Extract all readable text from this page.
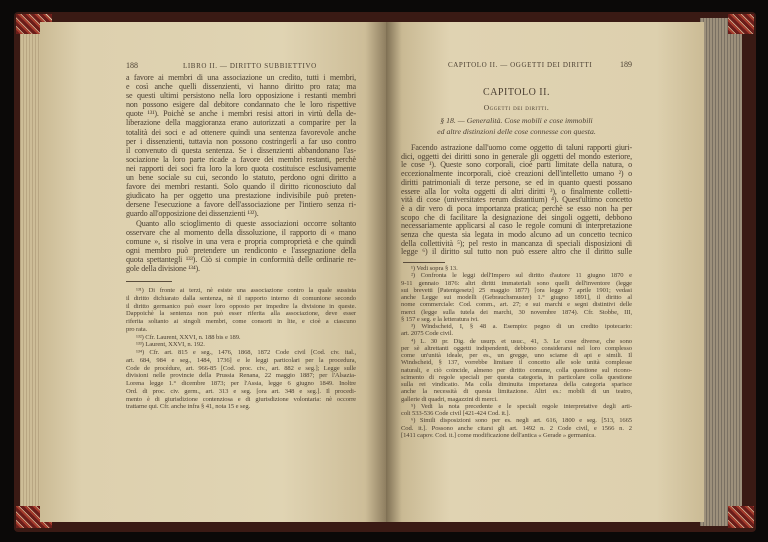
188	LIBRO II. — DIRITTO SUBBIETTIVO
a favore ai membri di una associazione un credito, tutti i membri,
e così anche quelli dissenzienti, vi hanno diritto pro rata; ma
se questi ultimi persistono nella loro opposizione i restanti membri
non possono esigere dal debitore condannato che le loro rispettive
quote ¹³¹). Poichè se anche i membri resisi attori in virtù della de-
liberazione della maggioranza erano autorizzati a comparire per la
totalità dei soci e ad ottenere quindi una sentenza favorevole anche
per i dissenzienti, tuttavia non possono costringerli a far uso contro
il convenuto di questa sentenza. Se i dissenzienti abbandonano l'as-
sociazione la loro parte ricade a favore dei membri restanti, perchè
nei rapporti dei soci fra loro la loro quota costituisce esclusivamente
un bene sociale su cui, secondo lo statuto, perdono ogni diritto a
favore dei membri restanti. Solo quando il diritto riconosciuto dal
giudicato ha per oggetto una prestazione indivisibile può preten-
dersene l'esecuzione a favore dell'associazione per l'intiero senza ri-
guardo all'opposizione dei dissenzienti ¹³²).
Quanto allo scioglimento di queste associazioni occorre soltanto
osservare che al momento della dissoluzione, il rapporto di « mano
comune », si risolve in una vera e propria comproprietà e che quindi
ogni membro può pretendere un rendiconto e l'assegnazione della
quota spettantegli ¹³³). Ciò si compie in conformità delle ordinarie re-
gole della divisione ¹³⁴).
¹³¹) Di fronte ai terzi, nè esiste una associazione contro la quale sussista
il diritto dichiarato dalla sentenza, nè il rapporto interno di comunione secondo
il diritto germanico può esser loro opposto per impedire la divisione in queste.
Dappoichè la sentenza non può esser riferita alla associazione, deve esser
riferita soltanto ai singoli membri, come consorti in lite, e cioè a ciascuno
pro rata.
¹³²) Cfr. Laurent, XXVI, n. 188 bis e 189.
¹³³) Laurent, XXVI, n. 192.
¹³⁴) Cfr. art. 815 e seg., 1476, 1868, 1872 Code civil [Cod. civ. ital.,
art. 684, 984 e seg., 1484, 1736] e le leggi particolari per la procedura,
Code de procédure, art. 966-85 [Cod. proc. civ., art. 882 e seg.]; Legge sulle
divisioni nelle provincie della Prussia Renana, 22 maggio 1887; per l'Alsazia-
Lorena legge 1.° dicembre 1873; per l'Assia, legge 6 giugno 1849. Inoltre
Ord. di proc. civ. germ., art. 313 e seg. [ora art. 348 e seg.]. Il procedi-
mento è di giurisdizione contenziosa e di giurisdizione volontaria: nè occorre
trattarne qui. Cfr. anche infra § 41, nota 15 e seg.
CAPITOLO II. — OGGETTI DEI DIRITTI	189
CAPITOLO II.
Oggetti dei diritti.
§ 18. — Generalità. Cose mobili e cose immobili
ed altre distinzioni delle cose connesse con questa.
Facendo astrazione dall'uomo come oggetto di taluni rapporti giuri-
dici, oggetti dei diritti sono in generale gli oggetti del mondo esteriore,
le cose ¹). Queste sono corporali, cioè parti limitate della natura, o
eccezionalmente incorporali, cioè creazioni dell'intelletto umano ²) o
diritti patrimoniali di terze persone, se ed in quanto questi possano
essere alla lor volta oggetti di altri diritti ³), o finalmente colletti-
vità di cose (universitates rerum distantium) ⁴). Quest'ultimo concetto
è a dir vero di poca importanza pratica; perchè se esso non ha per
scopo che di facilitare la designazione dei singoli oggetti, debbono
necessariamente applicarsi al caso le regole comuni di interpretazione
senza che questa sia legata in modo alcuno ad un concetto tecnico
della collettività ⁵); pel resto in mancanza di speciali disposizioni di
legge ⁶) il diritto sul tutto non può essere altro che il diritto sulle
¹) Vedi sopra § 13.
²) Confronta le leggi dell'Impero sul diritto d'autore 11 giugno 1870 e
9-11 gennaio 1876: altri diritti immateriali sono quelli dell'inventore (legge
sui brevetti [Patentgesetz] 25 maggio 1877) [ora legge 7 aprile 1901; vedasi
anche Legge sui modelli (Gebrauchsmuster) 1.° giugno 1891], il diritto al
nome commerciale: Cod. comm., art. 27; e sui marchi e segni distintivi delle
merci (legge sulla tutela dei marchi, 30 novembre 1874). Cfr. Stobbe, III,
§ 157 e seg. e la letteratura ivi.
³) Windscheid, I, § 48 a. Esempio: pegno di un credito ipotecario:
art. 2075 Code civil.
⁴) L. 30 pr. Dig. de usurp. et usuc., 41, 3. Le cose diverse, che sono
per sè altrettanti oggetti indipendenti, debbono considerarsi nel loro complesso
come un'unità ideale, per es., un gregge, uno sciame di api e simili. Il
Windscheid, § 137, vorrebbe limitare il concetto alle sole unità complesse
naturali, e ciò coincide, almeno per diritto comune, colla questione sul ricono-
scimento di regole speciali per questa categoria, in particolare colla questione
sulla rei vindicatio. Ma colla diminuita importanza della categoria sparisce
anche la necessità di questa limitazione. Altri es.: mobili di un teatro,
gallerie di quadri, magazzini di merci.
⁵) Vedi la nota precedente e le speciali regole interpretative degli arti-
coli 533-536 Code civil [421-424 Cod. it.].
⁶) Simili disposizioni sono per es. negli art. 616, 1800 e seg. [513, 1665
Cod. it.]. Possono anche citarsi gli art. 1492 n. 2 Code civil, e 1566 n. 2
[1411 capov. Cod. it.] come modificazione dell'antica « Gerade » germanica.
